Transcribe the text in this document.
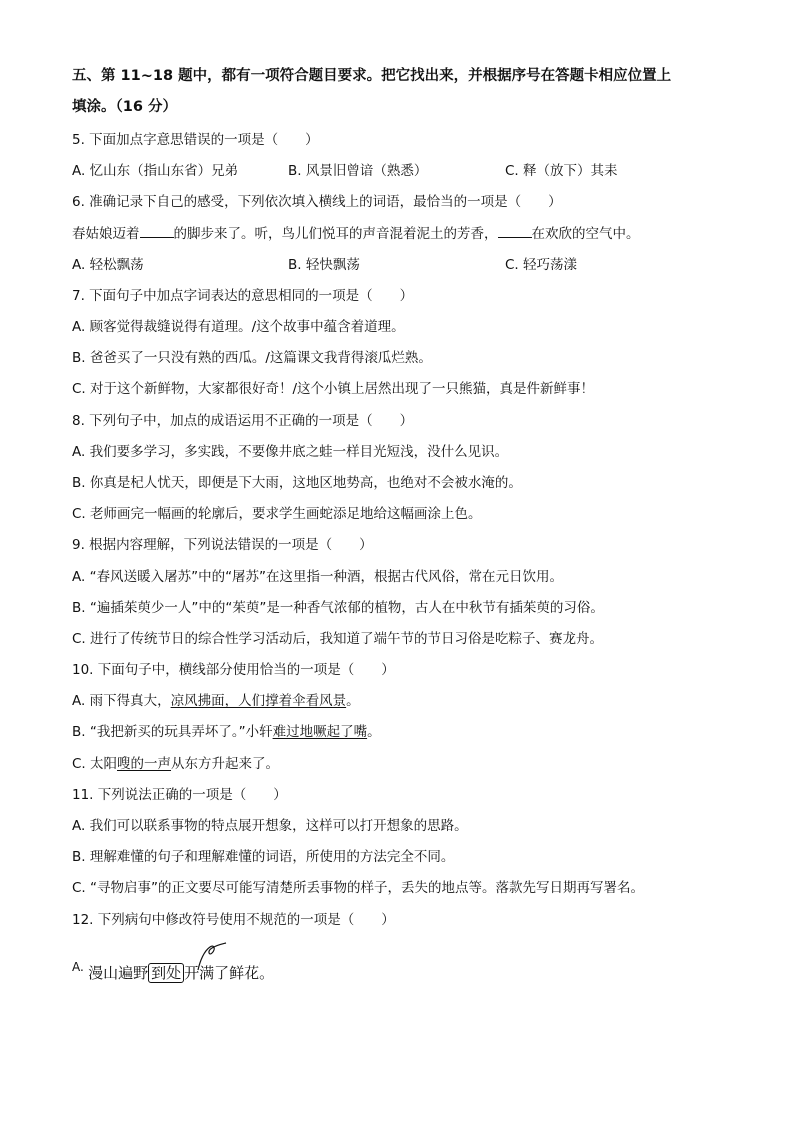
五、第 11~18 题中，都有一项符合题目要求。把它找出来，并根据序号在答题卡相应位置上
填涂。（16 分）
5. 下面加点字意思错误的一项是（　　）
A. 忆山东（指山东省）兄弟	B. 风景旧曾谙（熟悉）	C. 释（放下）其耒
6. 准确记录下自己的感受，下列依次填入横线上的词语，最恰当的一项是（　　）
春姑娘迈着	的脚步来了。听，鸟儿们悦耳的声音混着泥土的芳香，	在欢欣的空气中。
A. 轻松飘荡	B. 轻快飘荡	C. 轻巧荡漾
7. 下面句子中加点字词表达的意思相同的一项是（　　）
A. 顾客觉得裁缝说得有道理。/这个故事中蕴含着道理。
B. 爸爸买了一只没有熟的西瓜。/这篇课文我背得滚瓜烂熟。
C. 对于这个新鲜物，大家都很好奇！/这个小镇上居然出现了一只熊猫，真是件新鲜事！
8. 下列句子中，加点的成语运用不正确的一项是（　　）
A. 我们要多学习，多实践，不要像井底之蛙一样目光短浅，没什么见识。
B. 你真是杞人忧天，即便是下大雨，这地区地势高，也绝对不会被水淹的。
C. 老师画完一幅画的轮廓后，要求学生画蛇添足地给这幅画涂上色。
9. 根据内容理解，下列说法错误的一项是（　　）
A. “春风送暖入屠苏”中的“屠苏”在这里指一种酒，根据古代风俗，常在元日饮用。
B. “遍插茱萸少一人”中的“茱萸”是一种香气浓郁的植物，古人在中秋节有插茱萸的习俗。
C. 进行了传统节日的综合性学习活动后，我知道了端午节的节日习俗是吃粽子、赛龙舟。
10. 下面句子中，横线部分使用恰当的一项是（　　）
A. 雨下得真大，凉风拂面，人们撑着伞看风景。
B. “我把新买的玩具弄坏了。”小轩难过地噘起了嘴。
C. 太阳嗖的一声从东方升起来了。
11. 下列说法正确的一项是（　　）
A. 我们可以联系事物的特点展开想象，这样可以打开想象的思路。
B. 理解难懂的句子和理解难懂的词语，所使用的方法完全不同。
C. “寻物启事”的正文要尽可能写清楚所丢事物的样子，丢失的地点等。落款先写日期再写署名。
12. 下列病句中修改符号使用不规范的一项是（　　）
A. 漫山遍野 到处 开满了鲜花。
